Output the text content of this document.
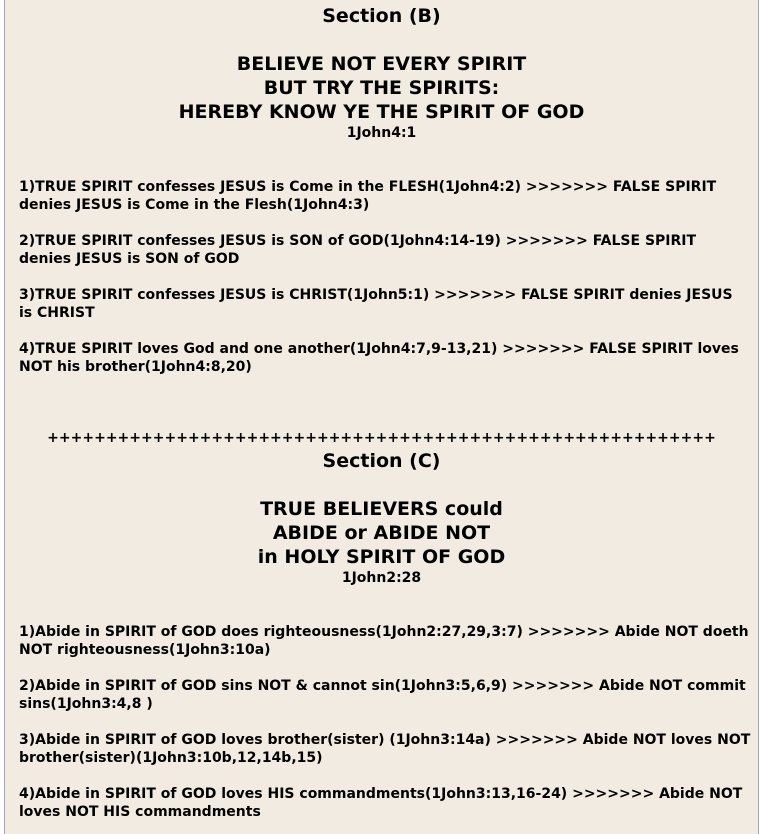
Section (B)
BELIEVE NOT EVERY SPIRIT
BUT TRY THE SPIRITS:
HEREBY KNOW YE THE SPIRIT OF GOD
1John4:1
1)TRUE SPIRIT confesses JESUS is Come in the FLESH(1John4:2) >>>>>>> FALSE SPIRIT
denies JESUS is Come in the Flesh(1John4:3)
2)TRUE SPIRIT confesses JESUS is SON of GOD(1John4:14-19) >>>>>>> FALSE SPIRIT
denies JESUS is SON of GOD
3)TRUE SPIRIT confesses JESUS is CHRIST(1John5:1) >>>>>>> FALSE SPIRIT denies JESUS
is CHRIST
4)TRUE SPIRIT loves God and one another(1John4:7,9-13,21) >>>>>>> FALSE SPIRIT loves
NOT his brother(1John4:8,20)
+++++++++++++++++++++++++++++++++++++++++++++++++++++++++
Section (C)
TRUE BELIEVERS could
ABIDE or ABIDE NOT
in HOLY SPIRIT OF GOD
1John2:28
1)Abide in SPIRIT of GOD does righteousness(1John2:27,29,3:7) >>>>>>> Abide NOT doeth
NOT righteousness(1John3:10a)
2)Abide in SPIRIT of GOD sins NOT & cannot sin(1John3:5,6,9) >>>>>>> Abide NOT commit
sins(1John3:4,8 )
3)Abide in SPIRIT of GOD loves brother(sister) (1John3:14a) >>>>>>> Abide NOT loves NOT
brother(sister)(1John3:10b,12,14b,15)
4)Abide in SPIRIT of GOD loves HIS commandments(1John3:13,16-24) >>>>>>> Abide NOT
loves NOT HIS commandments
